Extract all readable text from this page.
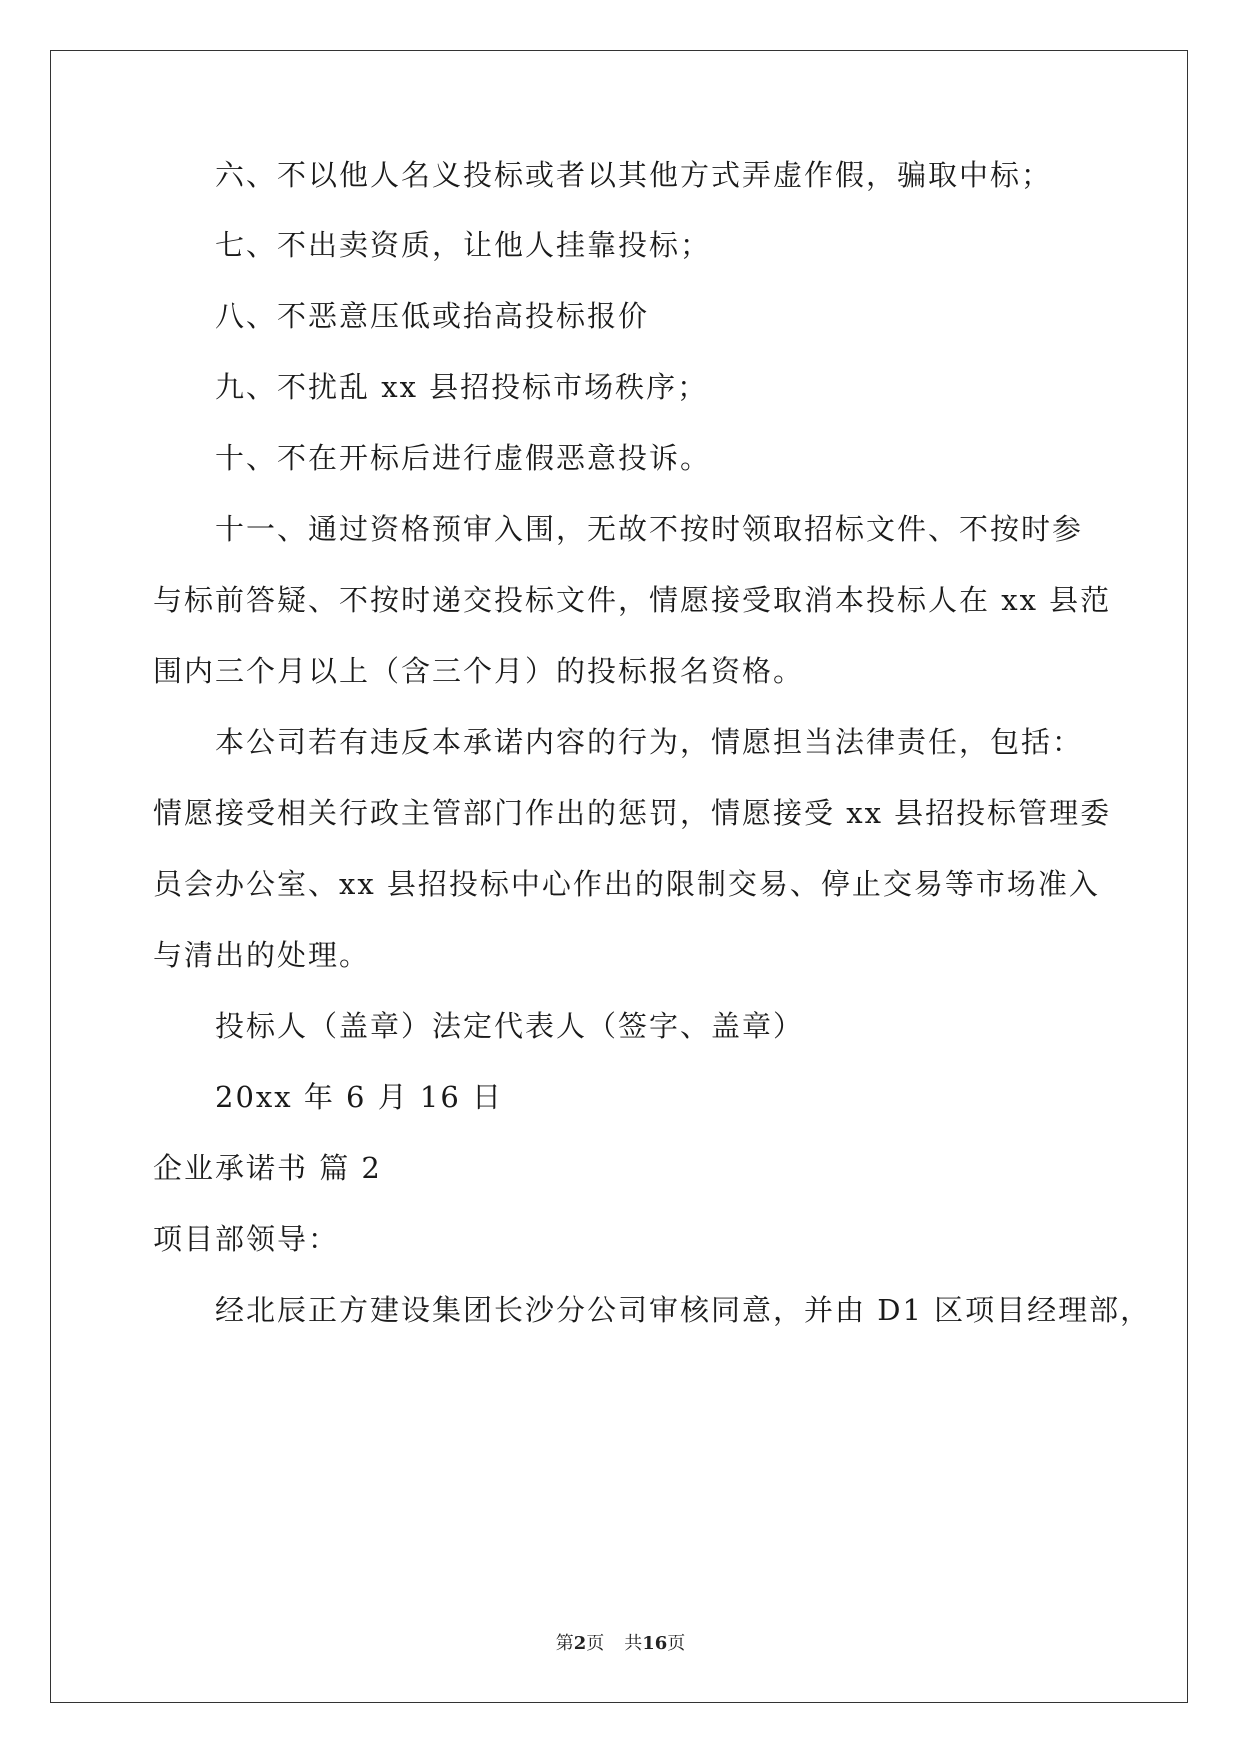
六、不以他人名义投标或者以其他方式弄虚作假，骗取中标；
七、不出卖资质，让他人挂靠投标；
八、不恶意压低或抬高投标报价
九、不扰乱 xx 县招投标市场秩序；
十、不在开标后进行虚假恶意投诉。
十一、通过资格预审入围，无故不按时领取招标文件、不按时参
与标前答疑、不按时递交投标文件，情愿接受取消本投标人在 xx 县范
围内三个月以上（含三个月）的投标报名资格。
本公司若有违反本承诺内容的行为，情愿担当法律责任，包括：
情愿接受相关行政主管部门作出的惩罚，情愿接受 xx 县招投标管理委
员会办公室、xx 县招投标中心作出的限制交易、停止交易等市场准入
与清出的处理。
投标人（盖章）法定代表人（签字、盖章）
20xx 年 6 月 16 日
企业承诺书 篇 2
项目部领导：
经北辰正方建设集团长沙分公司审核同意，并由 D1 区项目经理部，
第2页 共16页
